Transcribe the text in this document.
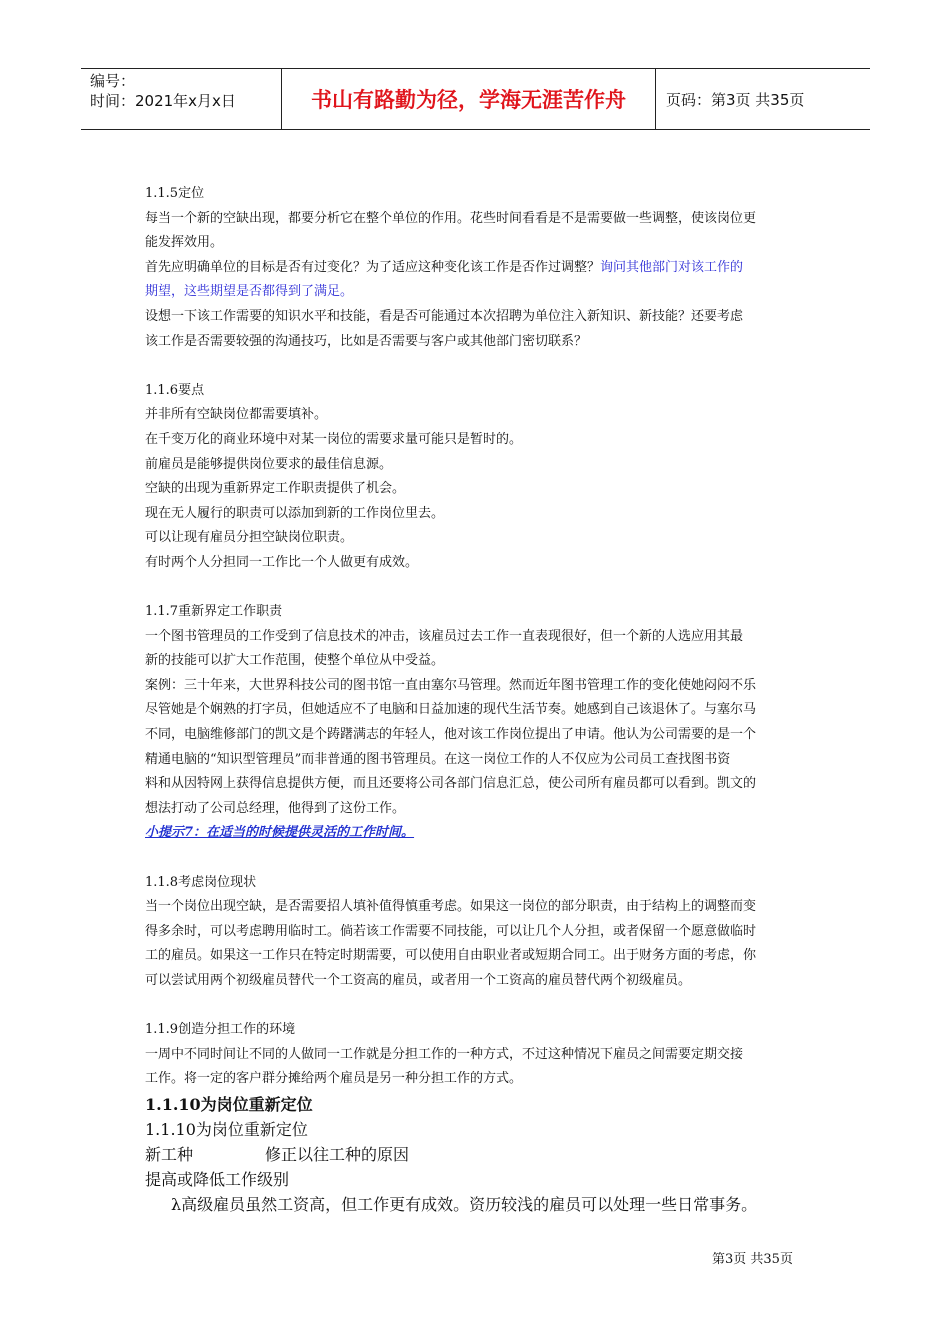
编号：
时间：2021年x月x日	书山有路勤为径，学海无涯苦作舟	页码：第3页 共35页

1.1.5定位

每当一个新的空缺出现，都要分析它在整个单位的作用。花些时间看看是不是需要做一些调整，使该岗位更

能发挥效用。

首先应明确单位的目标是否有过变化？为了适应这种变化该工作是否作过调整？询问其他部门对该工作的

期望，这些期望是否都得到了满足。

设想一下该工作需要的知识水平和技能，看是否可能通过本次招聘为单位注入新知识、新技能？还要考虑

该工作是否需要较强的沟通技巧，比如是否需要与客户或其他部门密切联系？

1.1.6要点

并非所有空缺岗位都需要填补。

在千变万化的商业环境中对某一岗位的需要求量可能只是暂时的。

前雇员是能够提供岗位要求的最佳信息源。

空缺的出现为重新界定工作职责提供了机会。

现在无人履行的职责可以添加到新的工作岗位里去。

可以让现有雇员分担空缺岗位职责。

有时两个人分担同一工作比一个人做更有成效。

1.1.7重新界定工作职责

一个图书管理员的工作受到了信息技术的冲击，该雇员过去工作一直表现很好，但一个新的人选应用其最

新的技能可以扩大工作范围，使整个单位从中受益。

案例：三十年来，大世界科技公司的图书馆一直由塞尔马管理。然而近年图书管理工作的变化使她闷闷不乐

尽管她是个娴熟的打字员，但她适应不了电脑和日益加速的现代生活节奏。她感到自己该退休了。与塞尔马

不同，电脑维修部门的凯文是个踌躇满志的年轻人，他对该工作岗位提出了申请。他认为公司需要的是一个

精通电脑的“知识型管理员”而非普通的图书管理员。在这一岗位工作的人不仅应为公司员工查找图书资

料和从因特网上获得信息提供方便，而且还要将公司各部门信息汇总，使公司所有雇员都可以看到。凯文的

想法打动了公司总经理，他得到了这份工作。

小提示7：在适当的时候提供灵活的工作时间。

1.1.8考虑岗位现状

当一个岗位出现空缺，是否需要招人填补值得慎重考虑。如果这一岗位的部分职责，由于结构上的调整而变

得多余时，可以考虑聘用临时工。倘若该工作需要不同技能，可以让几个人分担，或者保留一个愿意做临时

工的雇员。如果这一工作只在特定时期需要，可以使用自由职业者或短期合同工。出于财务方面的考虑，你

可以尝试用两个初级雇员替代一个工资高的雇员，或者用一个工资高的雇员替代两个初级雇员。

1.1.9创造分担工作的环境

一周中不同时间让不同的人做同一工作就是分担工作的一种方式，不过这种情况下雇员之间需要定期交接

工作。将一定的客户群分摊给两个雇员是另一种分担工作的方式。

1.1.10为岗位重新定位

1.1.10为岗位重新定位

新工种	修正以往工种的原因

提高或降低工作级别

λ高级雇员虽然工资高，但工作更有成效。资历较浅的雇员可以处理一些日常事务。

第3页 共35页
